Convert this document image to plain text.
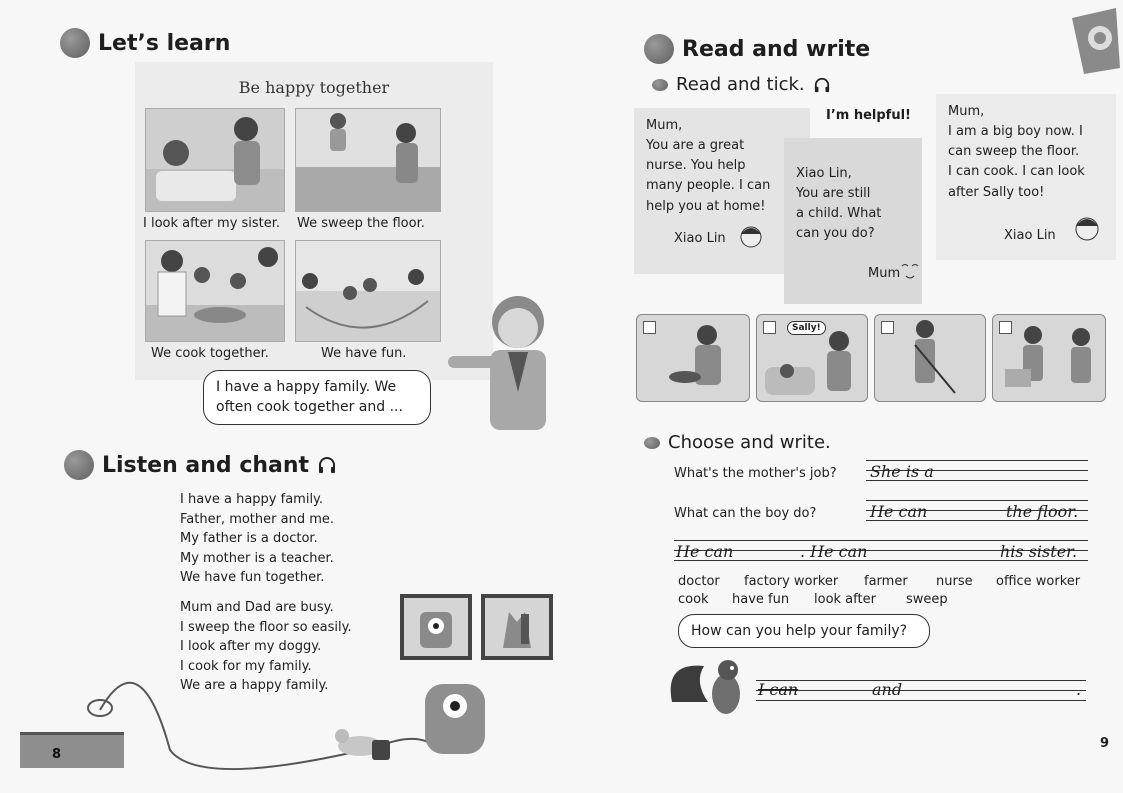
Let’s learn
Be happy together
I look after my sister. We sweep the floor.
We cook together.	We have fun.
I have a happy family. We
often cook together and ...
Listen and chant
I have a happy family.
Father, mother and me.
My father is a doctor.
My mother is a teacher.
We have fun together.
Mum and Dad are busy.
I sweep the floor so easily.
I look after my doggy.
I cook for my family.
We are a happy family.
8
Read and write
Read and tick.
Mum,
You are a great
nurse. You help
many people. I can
help you at home!
Xiao Lin
I’m helpful!
Xiao Lin,
You are still
a child. What
can you do?
Mum
Mum,
I am a big boy now. I
can sweep the floor.
I can cook. I can look
after Sally too!
Xiao Lin
Sally!
Choose and write.
What's the mother's job? She is a
What can the boy do?	He can	the floor.
He can	. He can	his sister.
doctor factory worker farmer nurse office worker
cook have fun look after sweep
How can you help your family?
I can	and	.
9
